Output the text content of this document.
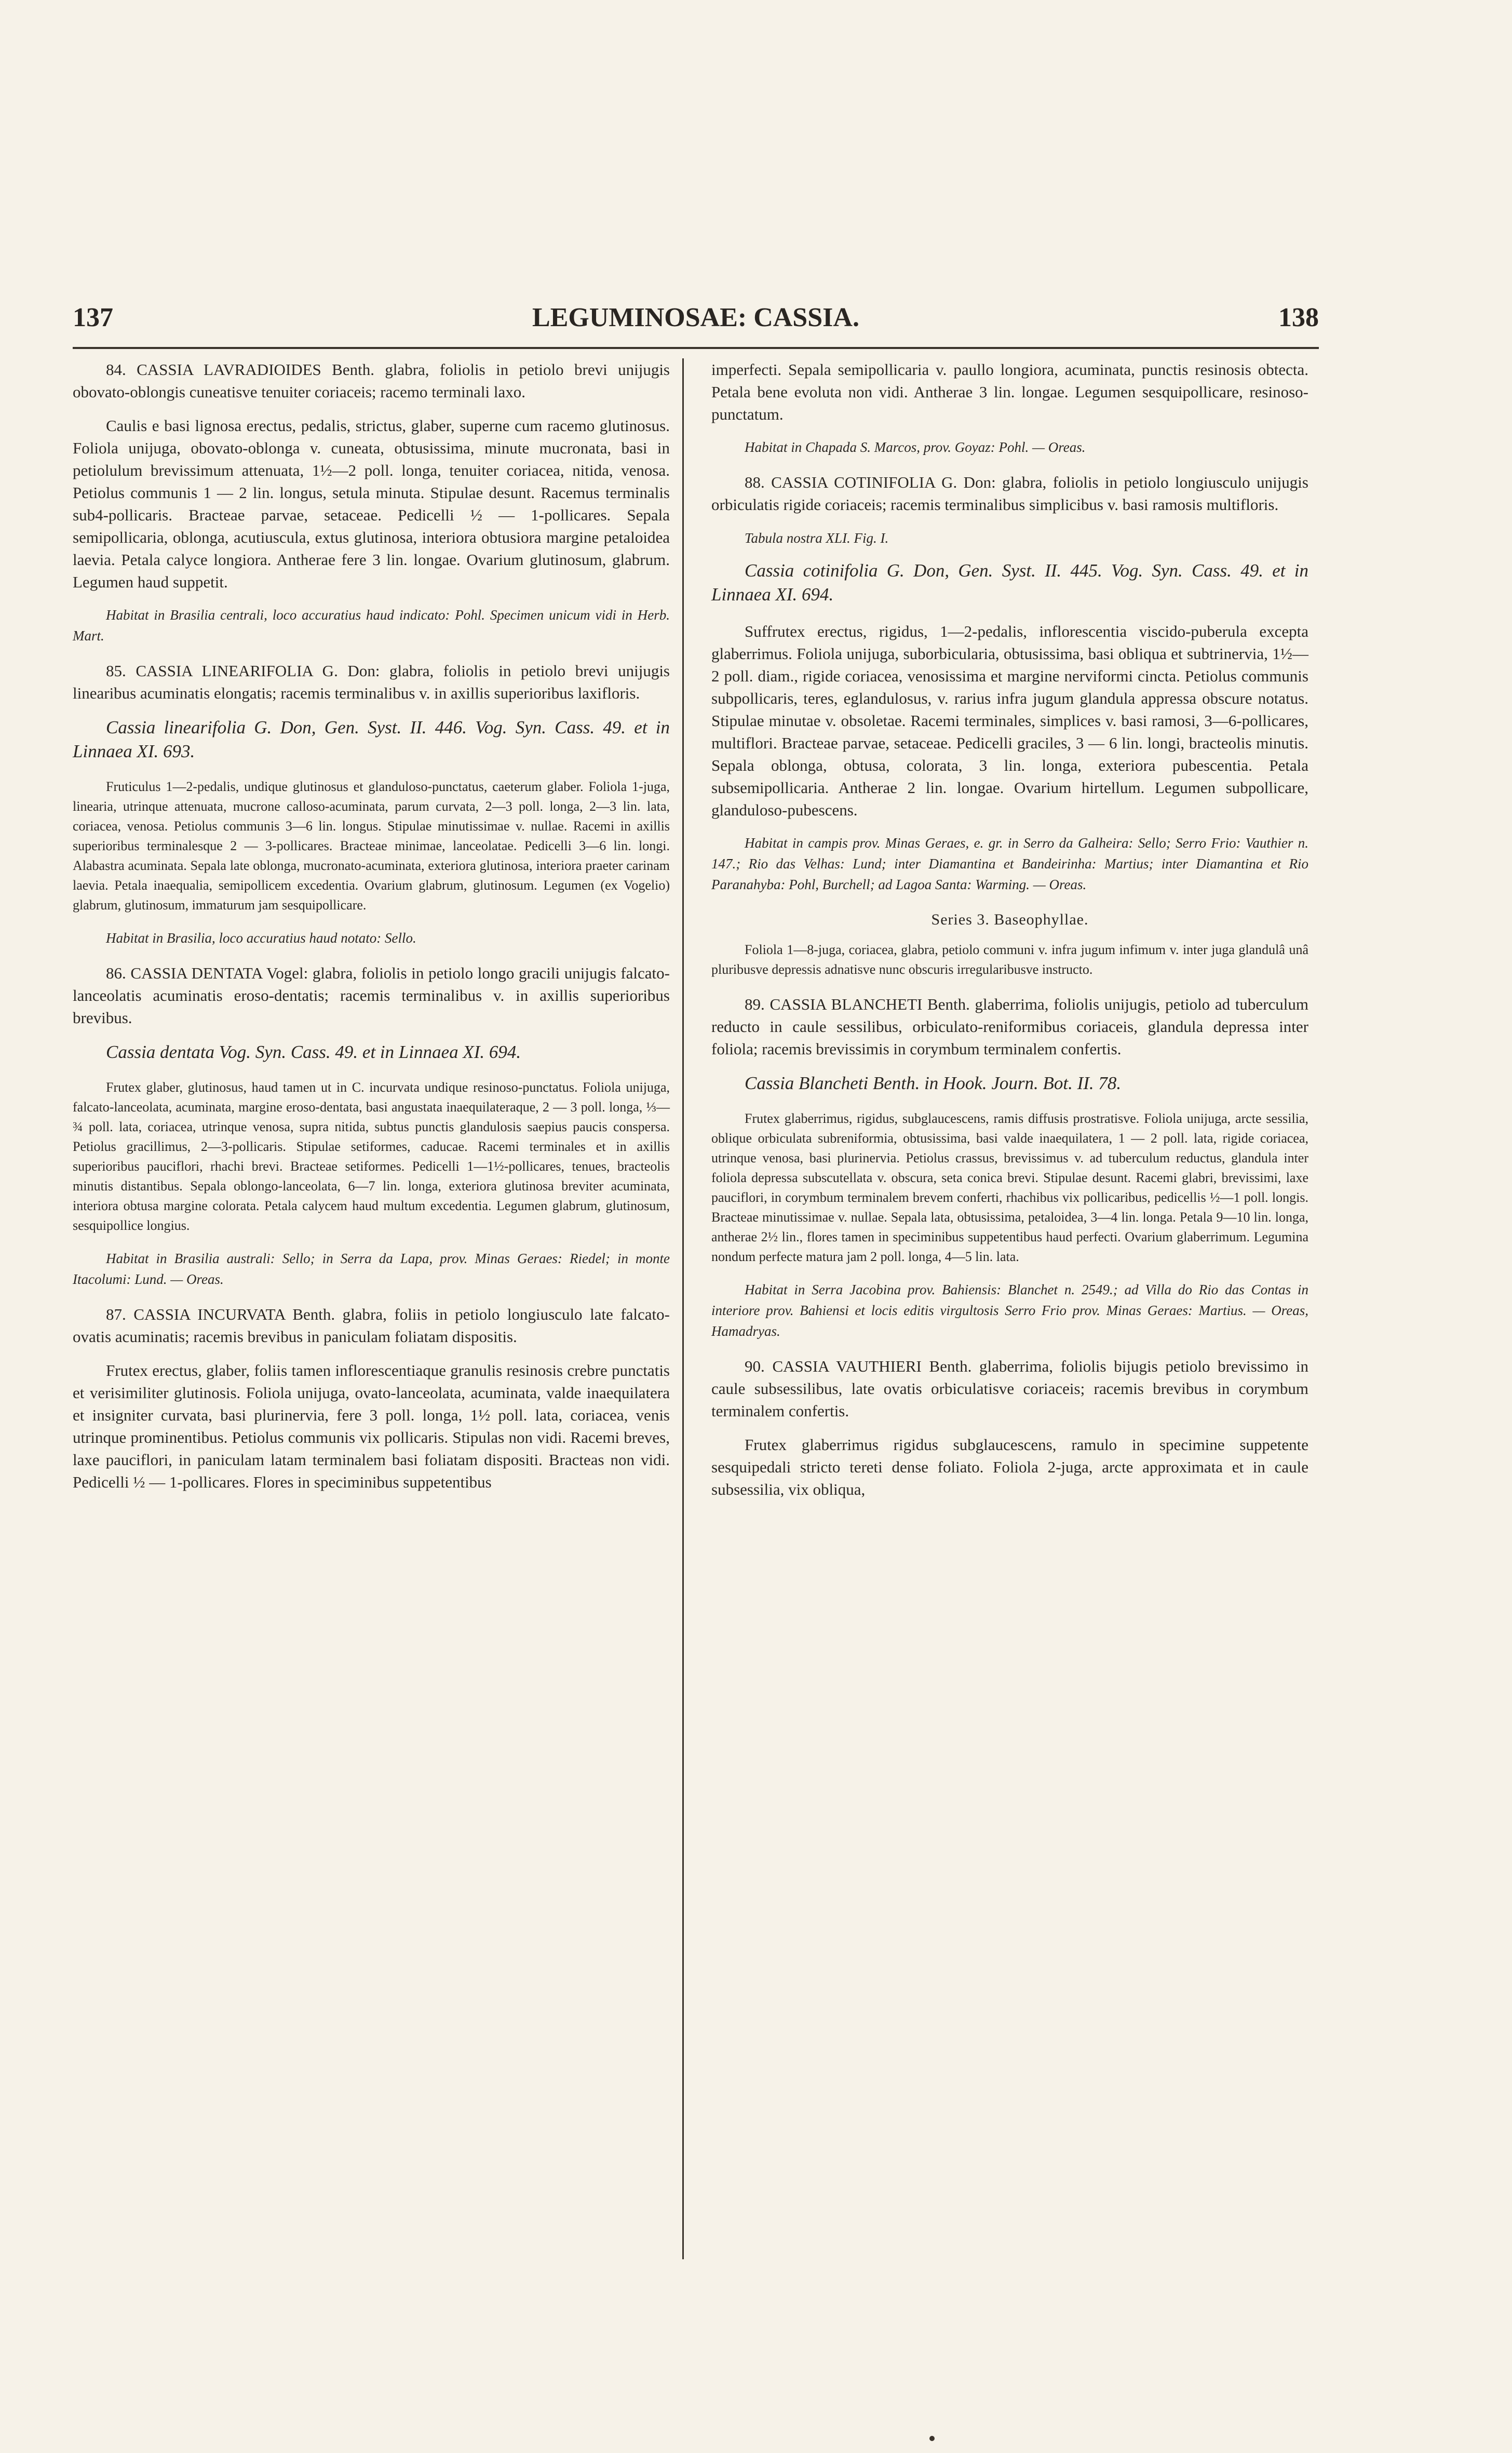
137	LEGUMINOSAE: CASSIA.	138

84. CASSIA LAVRADIOIDES Benth. glabra, foliolis in petiolo brevi unijugis obovato-oblongis cuneatisve tenuiter coriaceis; racemo terminali laxo.

Caulis e basi lignosa erectus, pedalis, strictus, glaber, superne cum racemo glutinosus. Foliola unijuga, obovato-oblonga v. cuneata, obtusissima, minute mucronata, basi in petiolulum brevissimum attenuata, 1½—2 poll. longa, tenuiter coriacea, nitida, venosa. Petiolus communis 1 — 2 lin. longus, setula minuta. Stipulae desunt. Racemus terminalis sub4-pollicaris. Bracteae parvae, setaceae. Pedicelli ½ — 1-pollicares. Sepala semipollicaria, oblonga, acutiuscula, extus glutinosa, interiora obtusiora margine petaloidea laevia. Petala calyce longiora. Antherae fere 3 lin. longae. Ovarium glutinosum, glabrum. Legumen haud suppetit.

Habitat in Brasilia centrali, loco accuratius haud indicato: Pohl. Specimen unicum vidi in Herb. Mart.

85. CASSIA LINEARIFOLIA G. Don: glabra, foliolis in petiolo brevi unijugis linearibus acuminatis elongatis; racemis terminalibus v. in axillis superioribus laxifloris.

Cassia linearifolia G. Don, Gen. Syst. II. 446. Vog. Syn. Cass. 49. et in Linnaea XI. 693.

Fruticulus 1—2-pedalis, undique glutinosus et glanduloso-punctatus, caeterum glaber. Foliola 1-juga, linearia, utrinque attenuata, mucrone calloso-acuminata, parum curvata, 2—3 poll. longa, 2—3 lin. lata, coriacea, venosa. Petiolus communis 3—6 lin. longus. Stipulae minutissimae v. nullae. Racemi in axillis superioribus terminalesque 2 — 3-pollicares. Bracteae minimae, lanceolatae. Pedicelli 3—6 lin. longi. Alabastra acuminata. Sepala late oblonga, mucronato-acuminata, exteriora glutinosa, interiora praeter carinam laevia. Petala inaequalia, semipollicem excedentia. Ovarium glabrum, glutinosum. Legumen (ex Vogelio) glabrum, glutinosum, immaturum jam sesquipollicare.

Habitat in Brasilia, loco accuratius haud notato: Sello.

86. CASSIA DENTATA Vogel: glabra, foliolis in petiolo longo gracili unijugis falcato-lanceolatis acuminatis eroso-dentatis; racemis terminalibus v. in axillis superioribus brevibus.

Cassia dentata Vog. Syn. Cass. 49. et in Linnaea XI. 694.

Frutex glaber, glutinosus, haud tamen ut in C. incurvata undique resinoso-punctatus. Foliola unijuga, falcato-lanceolata, acuminata, margine eroso-dentata, basi angustata inaequilateraque, 2 — 3 poll. longa, ⅓—¾ poll. lata, coriacea, utrinque venosa, supra nitida, subtus punctis glandulosis saepius paucis conspersa. Petiolus gracillimus, 2—3-pollicaris. Stipulae setiformes, caducae. Racemi terminales et in axillis superioribus pauciflori, rhachi brevi. Bracteae setiformes. Pedicelli 1—1½-pollicares, tenues, bracteolis minutis distantibus. Sepala oblongo-lanceolata, 6—7 lin. longa, exteriora glutinosa breviter acuminata, interiora obtusa margine colorata. Petala calycem haud multum excedentia. Legumen glabrum, glutinosum, sesquipollice longius.

Habitat in Brasilia australi: Sello; in Serra da Lapa, prov. Minas Geraes: Riedel; in monte Itacolumi: Lund. — Oreas.

87. CASSIA INCURVATA Benth. glabra, foliis in petiolo longiusculo late falcato-ovatis acuminatis; racemis brevibus in paniculam foliatam dispositis.

Frutex erectus, glaber, foliis tamen inflorescentiaque granulis resinosis crebre punctatis et verisimiliter glutinosis. Foliola unijuga, ovato-lanceolata, acuminata, valde inaequilatera et insigniter curvata, basi plurinervia, fere 3 poll. longa, 1½ poll. lata, coriacea, venis utrinque prominentibus. Petiolus communis vix pollicaris. Stipulas non vidi. Racemi breves, laxe pauciflori, in paniculam latam terminalem basi foliatam dispositi. Bracteas non vidi. Pedicelli ½ — 1-pollicares. Flores in speciminibus suppetentibus

imperfecti. Sepala semipollicaria v. paullo longiora, acuminata, punctis resinosis obtecta. Petala bene evoluta non vidi. Antherae 3 lin. longae. Legumen sesquipollicare, resinoso-punctatum.

Habitat in Chapada S. Marcos, prov. Goyaz: Pohl. — Oreas.

88. CASSIA COTINIFOLIA G. Don: glabra, foliolis in petiolo longiusculo unijugis orbiculatis rigide coriaceis; racemis terminalibus simplicibus v. basi ramosis multifloris.

Tabula nostra XLI. Fig. I.

Cassia cotinifolia G. Don, Gen. Syst. II. 445. Vog. Syn. Cass. 49. et in Linnaea XI. 694.

Suffrutex erectus, rigidus, 1—2-pedalis, inflorescentia viscido-puberula excepta glaberrimus. Foliola unijuga, suborbicularia, obtusissima, basi obliqua et subtrinervia, 1½—2 poll. diam., rigide coriacea, venosissima et margine nerviformi cincta. Petiolus communis subpollicaris, teres, eglandulosus, v. rarius infra jugum glandula appressa obscure notatus. Stipulae minutae v. obsoletae. Racemi terminales, simplices v. basi ramosi, 3—6-pollicares, multiflori. Bracteae parvae, setaceae. Pedicelli graciles, 3 — 6 lin. longi, bracteolis minutis. Sepala oblonga, obtusa, colorata, 3 lin. longa, exteriora pubescentia. Petala subsemipollicaria. Antherae 2 lin. longae. Ovarium hirtellum. Legumen subpollicare, glanduloso-pubescens.

Habitat in campis prov. Minas Geraes, e. gr. in Serro da Galheira: Sello; Serro Frio: Vauthier n. 147.; Rio das Velhas: Lund; inter Diamantina et Bandeirinha: Martius; inter Diamantina et Rio Paranahyba: Pohl, Burchell; ad Lagoa Santa: Warming. — Oreas.

Series 3. Baseophyllae.

Foliola 1—8-juga, coriacea, glabra, petiolo communi v. infra jugum infimum v. inter juga glandulâ unâ pluribusve depressis adnatisve nunc obscuris irregularibusve instructo.

89. CASSIA BLANCHETI Benth. glaberrima, foliolis unijugis, petiolo ad tuberculum reducto in caule sessilibus, orbiculato-reniformibus coriaceis, glandula depressa inter foliola; racemis brevissimis in corymbum terminalem confertis.

Cassia Blancheti Benth. in Hook. Journ. Bot. II. 78.

Frutex glaberrimus, rigidus, subglaucescens, ramis diffusis prostratisve. Foliola unijuga, arcte sessilia, oblique orbiculata subreniformia, obtusissima, basi valde inaequilatera, 1 — 2 poll. lata, rigide coriacea, utrinque venosa, basi plurinervia. Petiolus crassus, brevissimus v. ad tuberculum reductus, glandula inter foliola depressa subscutellata v. obscura, seta conica brevi. Stipulae desunt. Racemi glabri, brevissimi, laxe pauciflori, in corymbum terminalem brevem conferti, rhachibus vix pollicaribus, pedicellis ½—1 poll. longis. Bracteae minutissimae v. nullae. Sepala lata, obtusissima, petaloidea, 3—4 lin. longa. Petala 9—10 lin. longa, antherae 2½ lin., flores tamen in speciminibus suppetentibus haud perfecti. Ovarium glaberrimum. Legumina nondum perfecte matura jam 2 poll. longa, 4—5 lin. lata.

Habitat in Serra Jacobina prov. Bahiensis: Blanchet n. 2549.; ad Villa do Rio das Contas in interiore prov. Bahiensi et locis editis virgultosis Serro Frio prov. Minas Geraes: Martius. — Oreas, Hamadryas.

90. CASSIA VAUTHIERI Benth. glaberrima, foliolis bijugis petiolo brevissimo in caule subsessilibus, late ovatis orbiculatisve coriaceis; racemis brevibus in corymbum terminalem confertis.

Frutex glaberrimus rigidus subglaucescens, ramulo in specimine suppetente sesquipedali stricto tereti dense foliato. Foliola 2-juga, arcte approximata et in caule subsessilia, vix obliqua,
